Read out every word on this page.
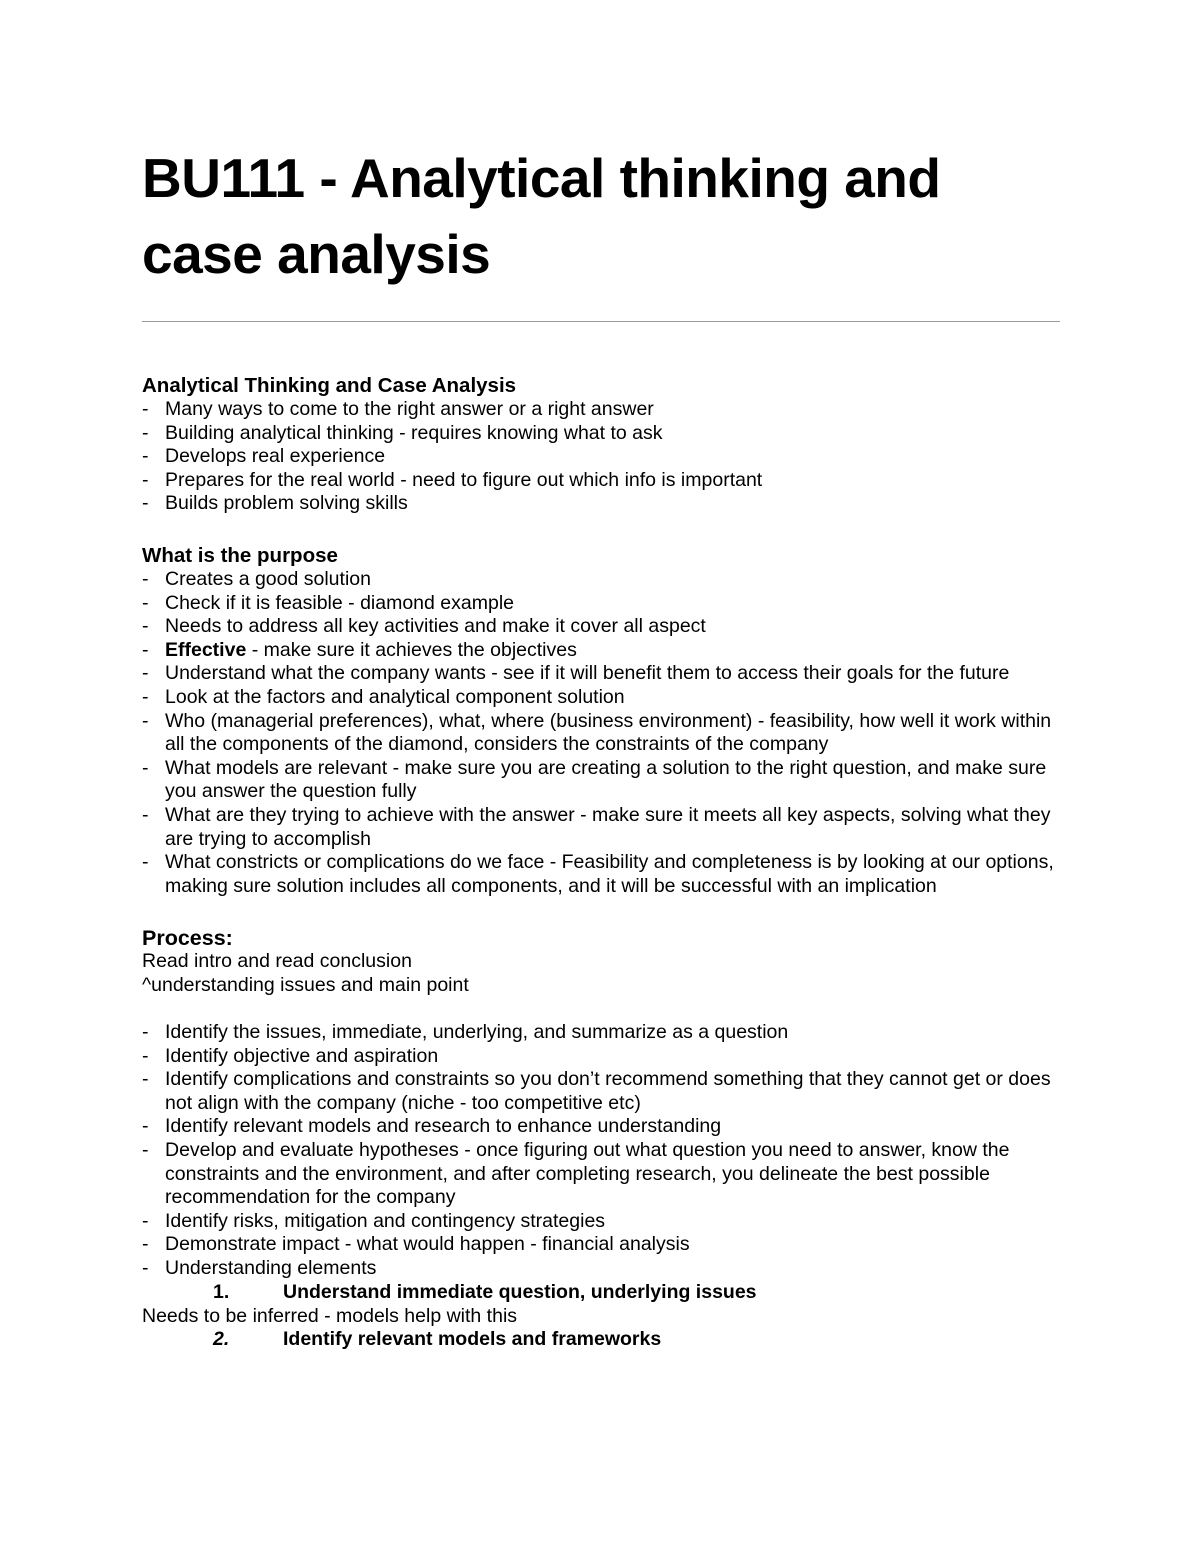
BU111 - Analytical thinking and case analysis
Analytical Thinking and Case Analysis
- Many ways to come to the right answer or a right answer
- Building analytical thinking - requires knowing what to ask
- Develops real experience
- Prepares for the real world - need to figure out which info is important
- Builds problem solving skills
What is the purpose
- Creates a good solution
- Check if it is feasible - diamond example
- Needs to address all key activities and make it cover all aspect
- Effective - make sure it achieves the objectives
- Understand what the company wants - see if it will benefit them to access their goals for the future
- Look at the factors and analytical component solution
- Who (managerial preferences), what, where (business environment) - feasibility, how well it work within all the components of the diamond, considers the constraints of the company
- What models are relevant - make sure you are creating a solution to the right question, and make sure you answer the question fully
- What are they trying to achieve with the answer - make sure it meets all key aspects, solving what they are trying to accomplish
- What constricts or complications do we face - Feasibility and completeness is by looking at our options, making sure solution includes all components, and it will be successful with an implication
Process:

Read intro and read conclusion

^understanding issues and main point

- Identify the issues, immediate, underlying, and summarize as a question
- Identify objective and aspiration
- Identify complications and constraints so you don’t recommend something that they cannot get or does not align with the company (niche - too competitive etc)
- Identify relevant models and research to enhance understanding
- Develop and evaluate hypotheses - once figuring out what question you need to answer, know the constraints and the environment, and after completing research, you delineate the best possible recommendation for the company
- Identify risks, mitigation and contingency strategies
- Demonstrate impact - what would happen - financial analysis
- Understanding elements
1.	Understand immediate question, underlying issues

Needs to be inferred - models help with this

2.	Identify relevant models and frameworks
